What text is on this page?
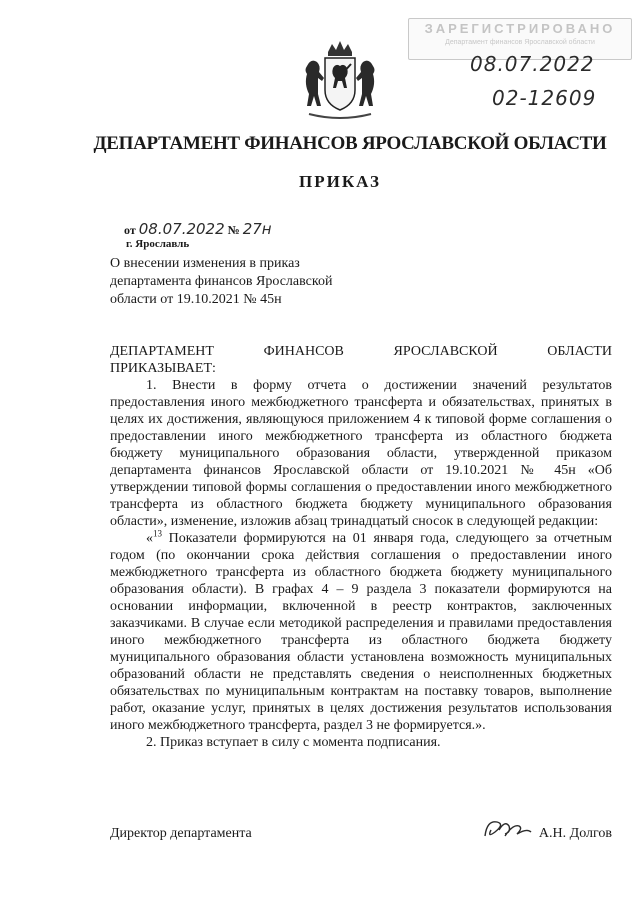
ЗАРЕГИСТРИРОВАНО
Департамент финансов Ярославской области
08.07.2022
02-12609
ДЕПАРТАМЕНТ ФИНАНСОВ ЯРОСЛАВСКОЙ ОБЛАСТИ
ПРИКАЗ
от 08.07.2022 № 27н
г. Ярославль
О внесении изменения в приказ департамента финансов Ярославской области от 19.10.2021 № 45н

ДЕПАРТАМЕНТ ФИНАНСОВ ЯРОСЛАВСКОЙ ОБЛАСТИ

ПРИКАЗЫВАЕТ:

1. Внести в форму отчета о достижении значений результатов предоставления иного межбюджетного трансферта и обязательствах, принятых в целях их достижения, являющуюся приложением 4 к типовой форме соглашения о предоставлении иного межбюджетного трансферта из областного бюджета бюджету муниципального образования области, утвержденной приказом департамента финансов Ярославской области от 19.10.2021 № 45н «Об утверждении типовой формы соглашения о предоставлении иного межбюджетного трансферта из областного бюджета бюджету муниципального образования области», изменение, изложив абзац тринадцатый сносок в следующей редакции:

«$^{13}$ Показатели формируются на 01 января года, следующего за отчетным годом (по окончании срока действия соглашения о предоставлении иного межбюджетного трансферта из областного бюджета бюджету муниципального образования области). В графах 4 – 9 раздела 3 показатели формируются на основании информации, включенной в реестр контрактов, заключенных заказчиками. В случае если методикой распределения и правилами предоставления иного межбюджетного трансферта из областного бюджета бюджету муниципального образования области установлена возможность муниципальных образований области не представлять сведения о неисполненных бюджетных обязательствах по муниципальным контрактам на поставку товаров, выполнение работ, оказание услуг, принятых в целях достижения результатов использования иного межбюджетного трансферта, раздел 3 не формируется.».

2. Приказ вступает в силу с момента подписания.

Директор департамента	А.Н. Долгов
